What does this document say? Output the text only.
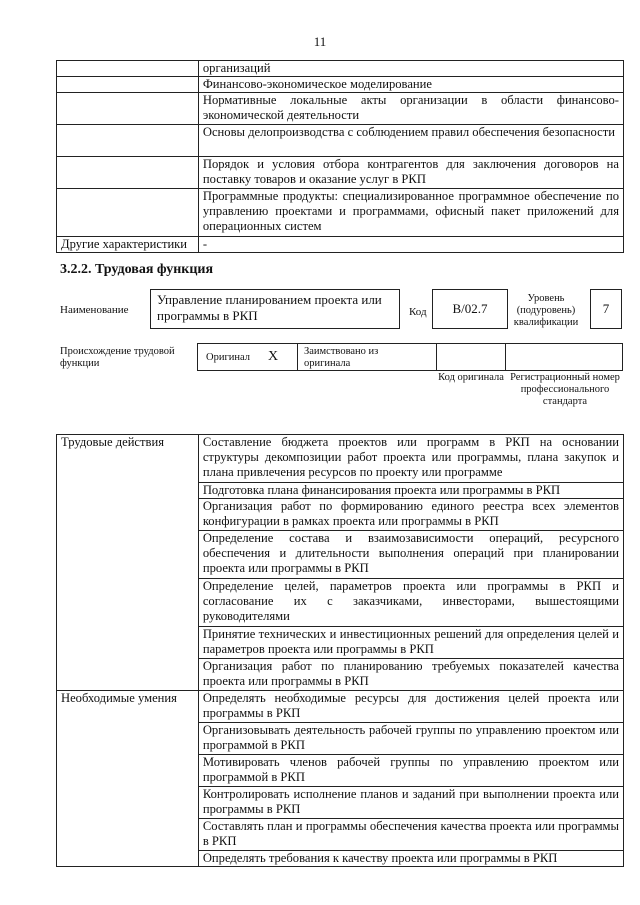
11
	организаций
	Финансово-экономическое моделирование
	Нормативные локальные акты организации в области финансово-экономической деятельности
	Основы делопроизводства с соблюдением правил обеспечения безопасности
	Порядок и условия отбора контрагентов для заключения договоров на поставку товаров и оказание услуг в РКП
	Программные продукты: специализированное программное обеспечение по управлению проектами и программами, офисный пакет приложений для операционных систем
Другие характеристики	-
3.2.2. Трудовая функция
Наименование
Управление планированием проекта или программы в РКП	Код	B/02.7
Уровень (подуровень) квалификации
7
Происхождение трудовой функции
Оригинал X Заимствовано из оригинала
Код оригинала Регистрационный номер профессионального стандарта
Трудовые действия	Составление бюджета проектов или программ в РКП на основании структуры декомпозиции работ проекта или программы, плана закупок и плана привлечения ресурсов по проекту или программе
	Подготовка плана финансирования проекта или программы в РКП
	Организация работ по формированию единого реестра всех элементов конфигурации в рамках проекта или программы в РКП
	Определение состава и взаимозависимости операций, ресурсного обеспечения и длительности выполнения операций при планировании проекта или программы в РКП
	Определение целей, параметров проекта или программы в РКП и согласование их с заказчиками, инвесторами, вышестоящими руководителями
	Принятие технических и инвестиционных решений для определения целей и параметров проекта или программы в РКП
	Организация работ по планированию требуемых показателей качества проекта или программы в РКП
Необходимые умения	Определять необходимые ресурсы для достижения целей проекта или программы в РКП
	Организовывать деятельность рабочей группы по управлению проектом или программой в РКП
	Мотивировать членов рабочей группы по управлению проектом или программой в РКП
	Контролировать исполнение планов и заданий при выполнении проекта или программы в РКП
	Составлять план и программы обеспечения качества проекта или программы в РКП
	Определять требования к качеству проекта или программы в РКП
